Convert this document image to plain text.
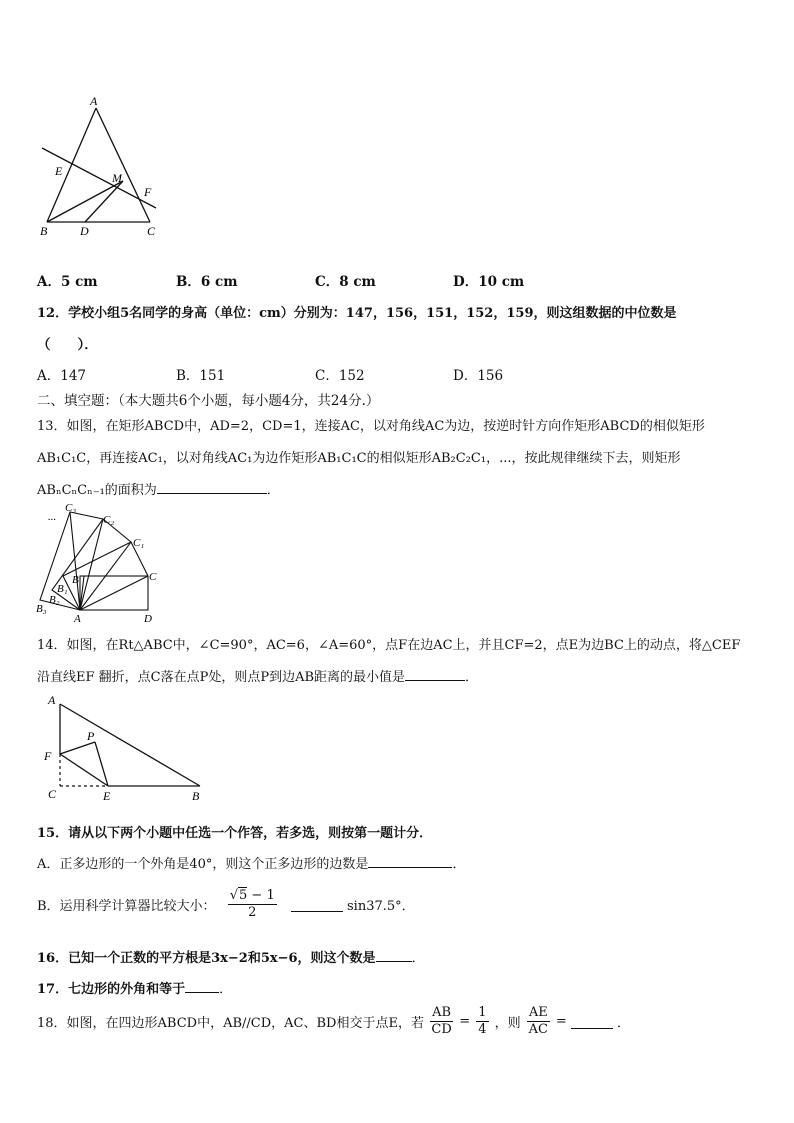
A
E	M
F
B	D	C
A．5 cm	B．6 cm	C．8 cm	D．10 cm
12．学校小组5名同学的身高（单位：cm）分别为：147，156，151，152，159，则这组数据的中位数是
（　　）．
A．147	B．151	C．152	D．156
二、填空题：（本大题共6个小题，每小题4分，共24分.）
13．如图，在矩形ABCD中，AD=2，CD=1，连接AC，以对角线AC为边，按逆时针方向作矩形ABCD的相似矩形
AB₁C₁C，再连接AC₁，以对角线AC₁为边作矩形AB₁C₁C的相似矩形AB₂C₂C₁，...，按此规律继续下去，则矩形
ABₙCₙCₙ₋₁的面积为	．
...
C₃
C₂
C₁
C
B
B₁
B₂
B₃
A	D
14．如图，在Rt△ABC中，∠C=90°，AC=6，∠A=60°，点F在边AC上，并且CF=2，点E为边BC上的动点，将△CEF
沿直线EF 翻折，点C落在点P处，则点P到边AB距离的最小值是	．
A
P
F
C	E	B
15．请从以下两个小题中任选一个作答，若多选，则按第一题计分．
A．正多边形的一个外角是40°，则这个正多边形的边数是	．
B．运用科学计算器比较大小： $\frac{√5 - 1}{2}$	sin37.5°．
16．已知一个正数的平方根是3x−2和5x−6，则这个数是	．
17．七边形的外角和等于	．
18．如图，在四边形ABCD中，AB//CD，AC、BD相交于点E，若 $\frac{AB}{CD} = \frac{1}{4}$ ，则 $\frac{AE}{AC}$ =	．
